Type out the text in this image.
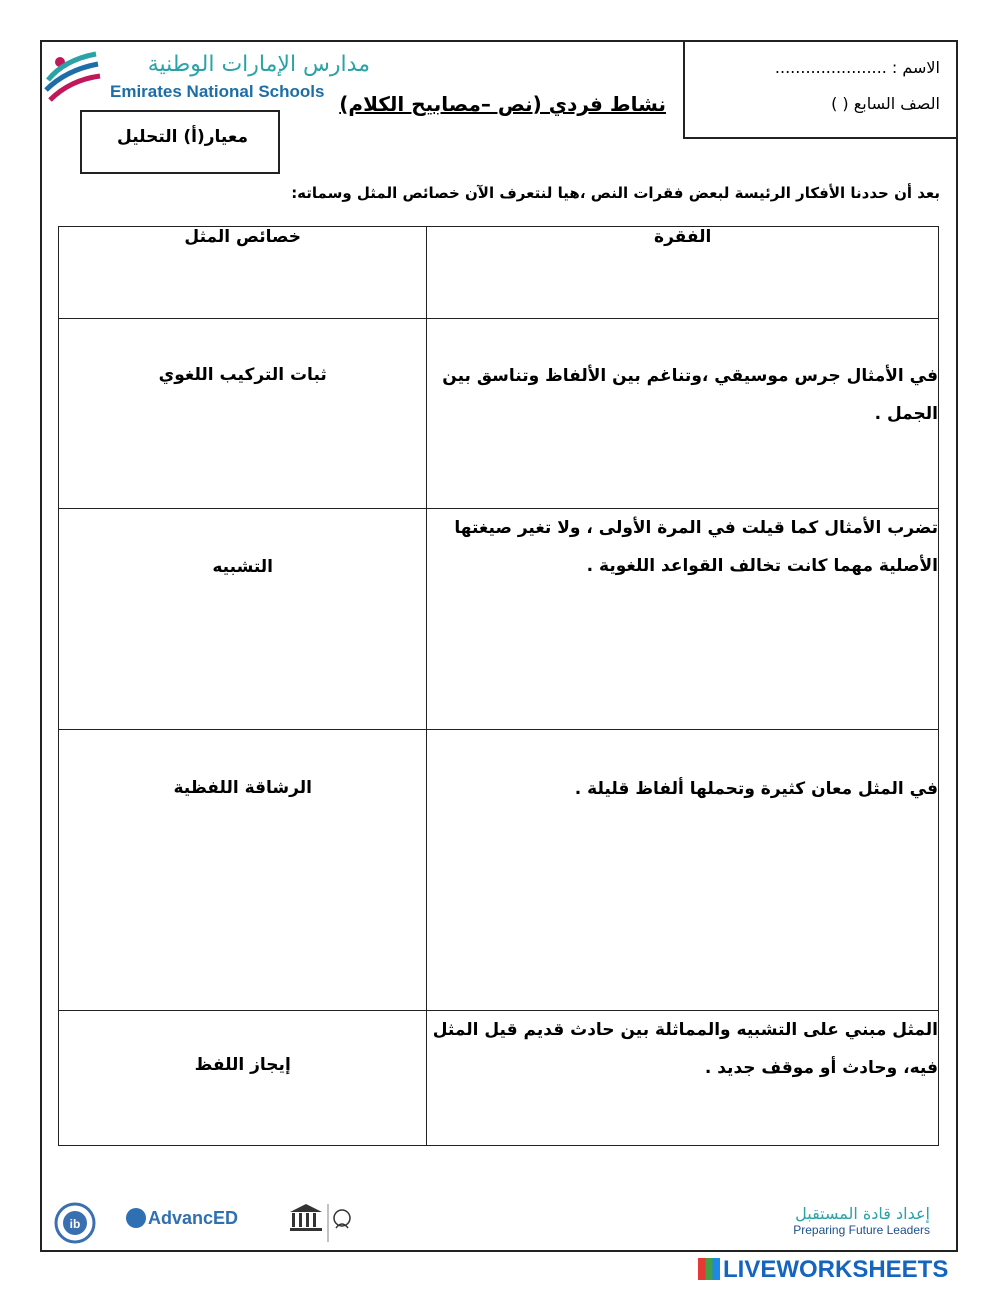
مدارس الإمارات الوطنية
Emirates National Schools
الاسم : ......................
الصف السابع ( )
معيار(أ) التحليل
نشاط فردي (نص –مصابيح الكلام)
بعد أن حددنا الأفكار الرئيسة لبعض فقرات النص ،هيا لنتعرف الآن خصائص المثل وسماته:
خصائص المثل	الفقرة
ثبات التركيب اللغوي	في الأمثال جرس موسيقي ،وتناغم بين الألفاظ وتناسق بين الجمل .
التشبيه	تضرب الأمثال كما قيلت في المرة الأولى ، ولا تغير صيغتها الأصلية مهما كانت تخالف القواعد اللغوية .
الرشاقة اللفظية	في المثل معان كثيرة وتحملها ألفاظ قليلة .
إيجاز اللفظ	المثل مبني على التشبيه والمماثلة بين حادث قديم قيل المثل فيه، وحادث أو موقف جديد .
ib	AdvancED	إعداد قادة المستقبل
Preparing Future Leaders
LIVEWORKSHEETS
